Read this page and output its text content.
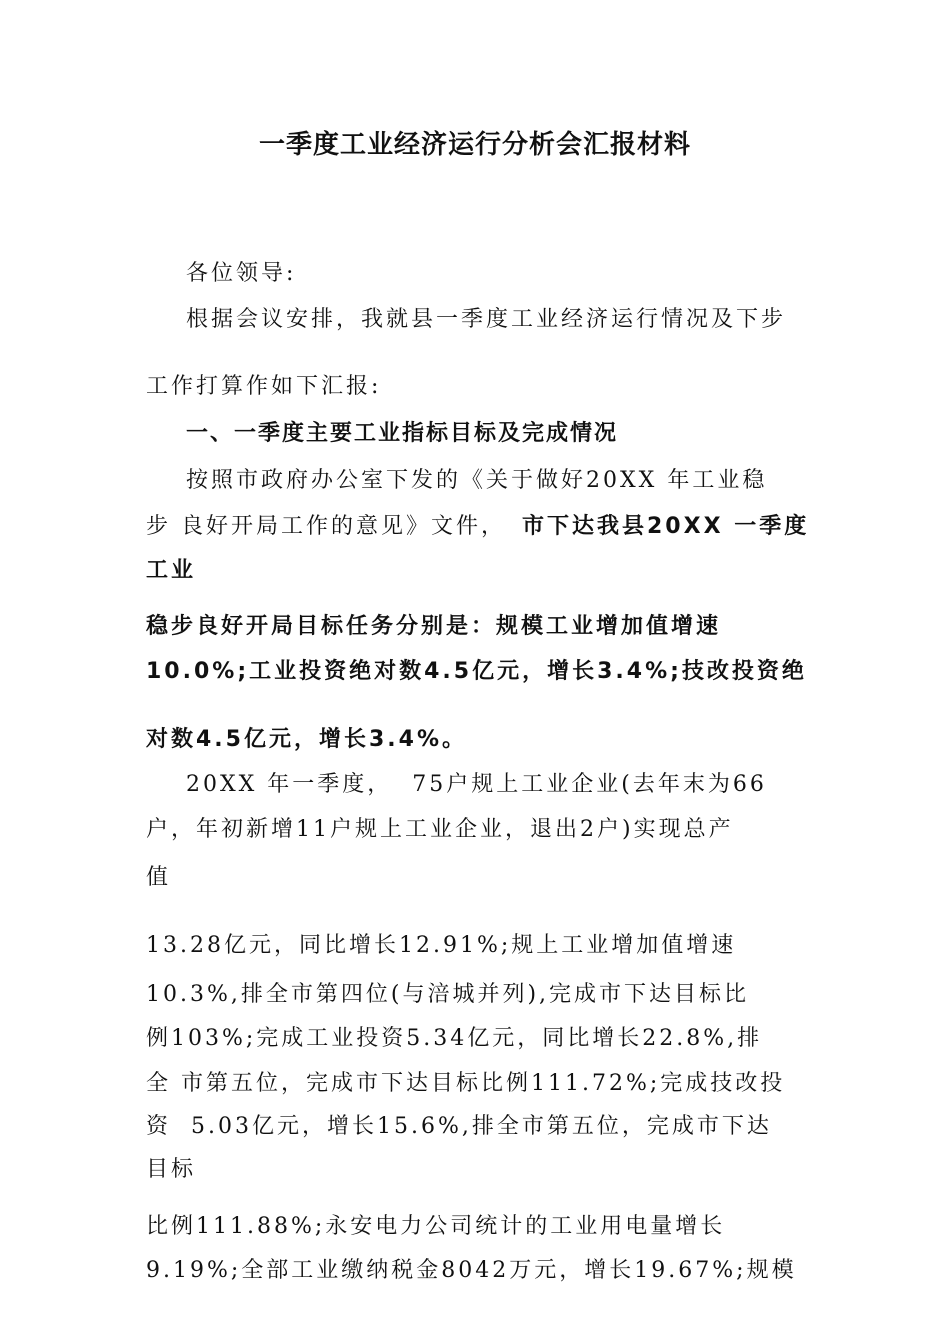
一季度工业经济运行分析会汇报材料
各位领导:
根据会议安排，我就县一季度工业经济运行情况及下步
工作打算作如下汇报:
一、一季度主要工业指标目标及完成情况
按照市政府办公室下发的《关于做好20XX 年工业稳
步 良好开局工作的意见》文件， 市下达我县20XX 一季度
工业
稳步良好开局目标任务分别是：规模工业增加值增速
10.0%;工业投资绝对数4.5亿元，增长3.4%;技改投资绝
对数4.5亿元，增长3.4%。
20XX 年一季度，  75户规上工业企业(去年末为66
户，年初新增11户规上工业企业，退出2户)实现总产
值
13.28亿元，同比增长12.91%;规上工业增加值增速
10.3%,排全市第四位(与涪城并列),完成市下达目标比
例103%;完成工业投资5.34亿元，同比增长22.8%,排
全 市第五位，完成市下达目标比例111.72%;完成技改投
资  5.03亿元，增长15.6%,排全市第五位，完成市下达
目标
比例111.88%;永安电力公司统计的工业用电量增长
9.19%;全部工业缴纳税金8042万元，增长19.67%;规模
